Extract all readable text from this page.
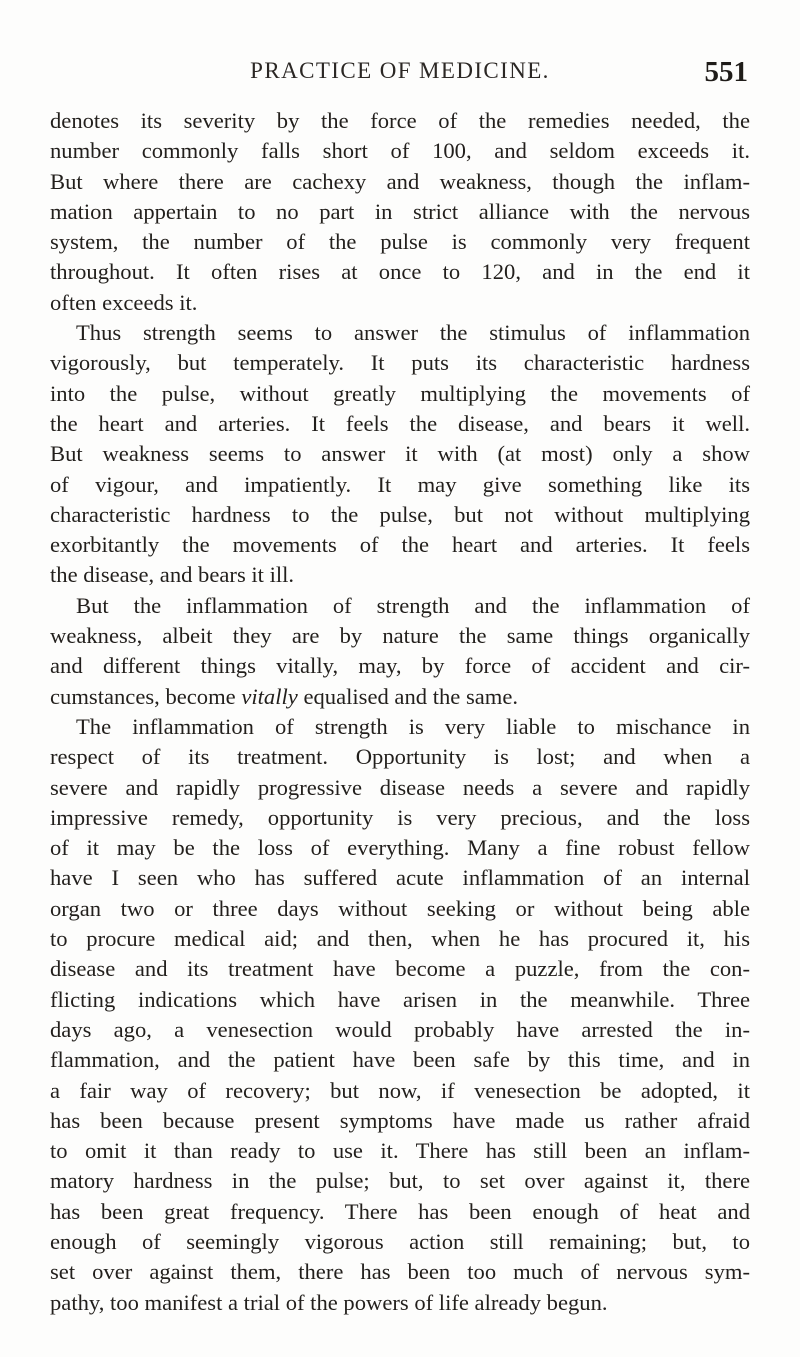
PRACTICE OF MEDICINE.	551
denotes its severity by the force of the remedies needed, the
number commonly falls short of 100, and seldom exceeds it.
But where there are cachexy and weakness, though the inflam-
mation appertain to no part in strict alliance with the nervous
system, the number of the pulse is commonly very frequent
throughout. It often rises at once to 120, and in the end it
often exceeds it.
Thus strength seems to answer the stimulus of inflammation
vigorously, but temperately. It puts its characteristic hardness
into the pulse, without greatly multiplying the movements of
the heart and arteries. It feels the disease, and bears it well.
But weakness seems to answer it with (at most) only a show
of vigour, and impatiently. It may give something like its
characteristic hardness to the pulse, but not without multiplying
exorbitantly the movements of the heart and arteries. It feels
the disease, and bears it ill.
But the inflammation of strength and the inflammation of
weakness, albeit they are by nature the same things organically
and different things vitally, may, by force of accident and cir-
cumstances, become vitally equalised and the same.
The inflammation of strength is very liable to mischance in
respect of its treatment. Opportunity is lost; and when a
severe and rapidly progressive disease needs a severe and rapidly
impressive remedy, opportunity is very precious, and the loss
of it may be the loss of everything. Many a fine robust fellow
have I seen who has suffered acute inflammation of an internal
organ two or three days without seeking or without being able
to procure medical aid; and then, when he has procured it, his
disease and its treatment have become a puzzle, from the con-
flicting indications which have arisen in the meanwhile. Three
days ago, a venesection would probably have arrested the in-
flammation, and the patient have been safe by this time, and in
a fair way of recovery; but now, if venesection be adopted, it
has been because present symptoms have made us rather afraid
to omit it than ready to use it. There has still been an inflam-
matory hardness in the pulse; but, to set over against it, there
has been great frequency. There has been enough of heat and
enough of seemingly vigorous action still remaining; but, to
set over against them, there has been too much of nervous sym-
pathy, too manifest a trial of the powers of life already begun.
